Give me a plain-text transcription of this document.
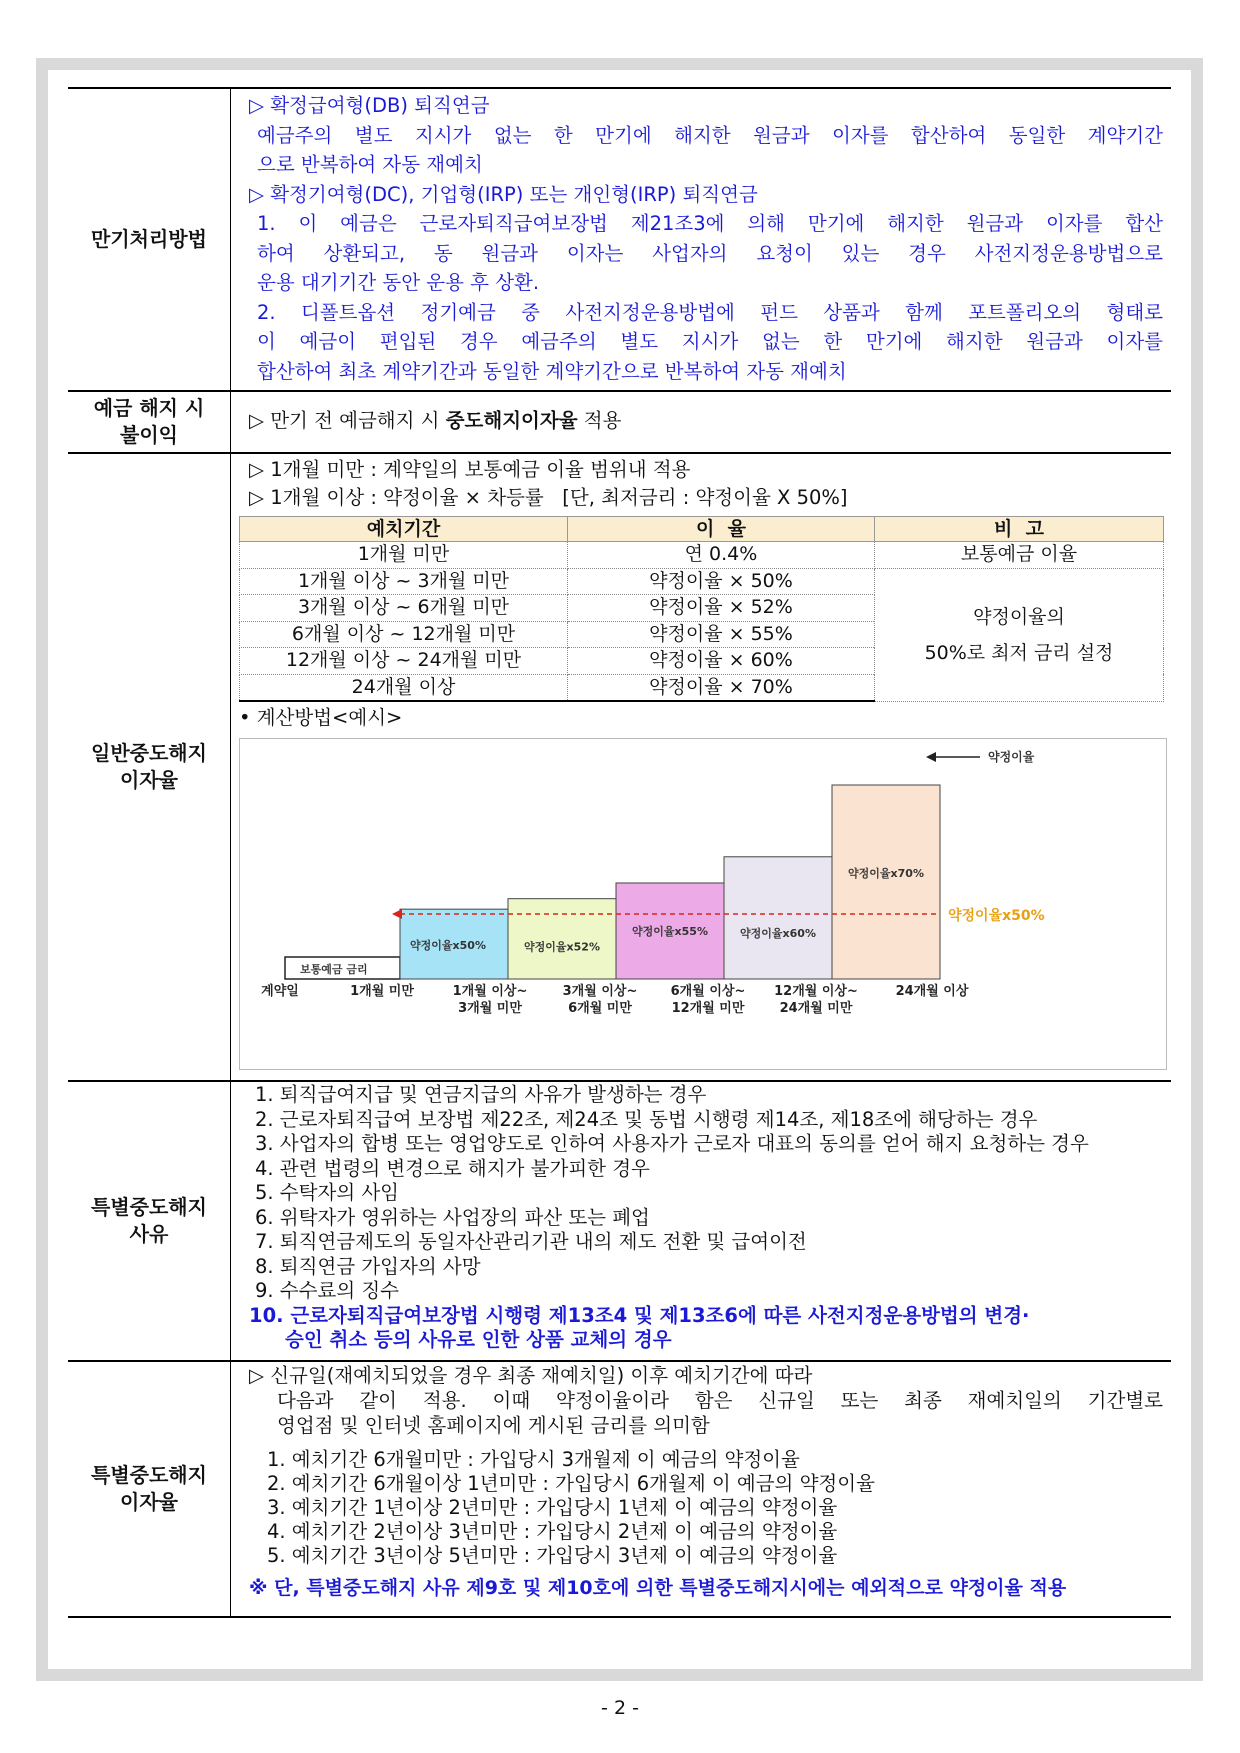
만기처리방법	
▷ 확정급여형(DB) 퇴직연금
예금주의 별도 지시가 없는 한 만기에 해지한 원금과 이자를 합산하여 동일한 계약기간
으로 반복하여 자동 재예치
▷ 확정기여형(DC), 기업형(IRP) 또는 개인형(IRP) 퇴직연금
1. 이 예금은 근로자퇴직급여보장법 제21조3에 의해 만기에 해지한 원금과 이자를 합산
하여 상환되고, 동 원금과 이자는 사업자의 요청이 있는 경우 사전지정운용방법으로
운용 대기기간 동안 운용 후 상환.
2. 디폴트옵션 정기예금 중 사전지정운용방법에 펀드 상품과 함께 포트폴리오의 형태로
이 예금이 편입된 경우 예금주의 별도 지시가 없는 한 만기에 해지한 원금과 이자를
합산하여 최초 계약기간과 동일한 계약기간으로 반복하여 자동 재예치

예금 해지 시
불이익
	▷ 만기 전 예금해지 시 중도해지이자율 적용

일반중도해지
이자율

▷ 1개월 미만 : 계약일의 보통예금 이율 범위내 적용
▷ 1개월 이상 : 약정이율 × 차등률   [단, 최저금리 : 약정이율 X 50%]
예치기간	이  율	비  고
1개월 미만	연 0.4%	보통예금 이율
1개월 이상 ~ 3개월 미만	약정이율 × 50%	
약정이율의
50%로 최저 금리 설정

3개월 이상 ~ 6개월 미만	약정이율 × 52%
6개월 이상 ~ 12개월 미만	약정이율 × 55%
12개월 이상 ~ 24개월 미만	약정이율 × 60%
24개월 이상	약정이율 × 70%
• 계산방법<예시>
보통예금 금리
약정이율x50%	약정이율x52%
약정이율x55%	약정이율x60%
약정이율x70%
약정이율
약정이율x50%
계약일	1개월 미만	1개월 이상~
3개월 미만
3개월 이상~
6개월 미만
6개월 이상~
12개월 미만
12개월 이상~
24개월 미만
24개월 이상

특별중도해지
사유

1. 퇴직급여지급 및 연금지급의 사유가 발생하는 경우
2. 근로자퇴직급여 보장법 제22조, 제24조 및 동법 시행령 제14조, 제18조에 해당하는 경우
3. 사업자의 합병 또는 영업양도로 인하여 사용자가 근로자 대표의 동의를 얻어 해지 요청하는 경우
4. 관련 법령의 변경으로 해지가 불가피한 경우
5. 수탁자의 사임
6. 위탁자가 영위하는 사업장의 파산 또는 폐업
7. 퇴직연금제도의 동일자산관리기관 내의 제도 전환 및 급여이전
8. 퇴직연금 가입자의 사망
9. 수수료의 징수
10. 근로자퇴직급여보장법 시행령 제13조4 및 제13조6에 따른 사전지정운용방법의 변경·
승인 취소 등의 사유로 인한 상품 교체의 경우

특별중도해지
이자율

▷ 신규일(재예치되었을 경우 최종 재예치일) 이후 예치기간에 따라
다음과 같이 적용. 이때 약정이율이라 함은 신규일 또는 최종 재예치일의 기간별로
영업점 및 인터넷 홈페이지에 게시된 금리를 의미함
1. 예치기간 6개월미만 : 가입당시 3개월제 이 예금의 약정이율
2. 예치기간 6개월이상 1년미만 : 가입당시 6개월제 이 예금의 약정이율
3. 예치기간 1년이상 2년미만 : 가입당시 1년제 이 예금의 약정이율
4. 예치기간 2년이상 3년미만 : 가입당시 2년제 이 예금의 약정이율
5. 예치기간 3년이상 5년미만 : 가입당시 3년제 이 예금의 약정이율
※ 단, 특별중도해지 사유 제9호 및 제10호에 의한 특별중도해지시에는 예외적으로 약정이율 적용
- 2 -
